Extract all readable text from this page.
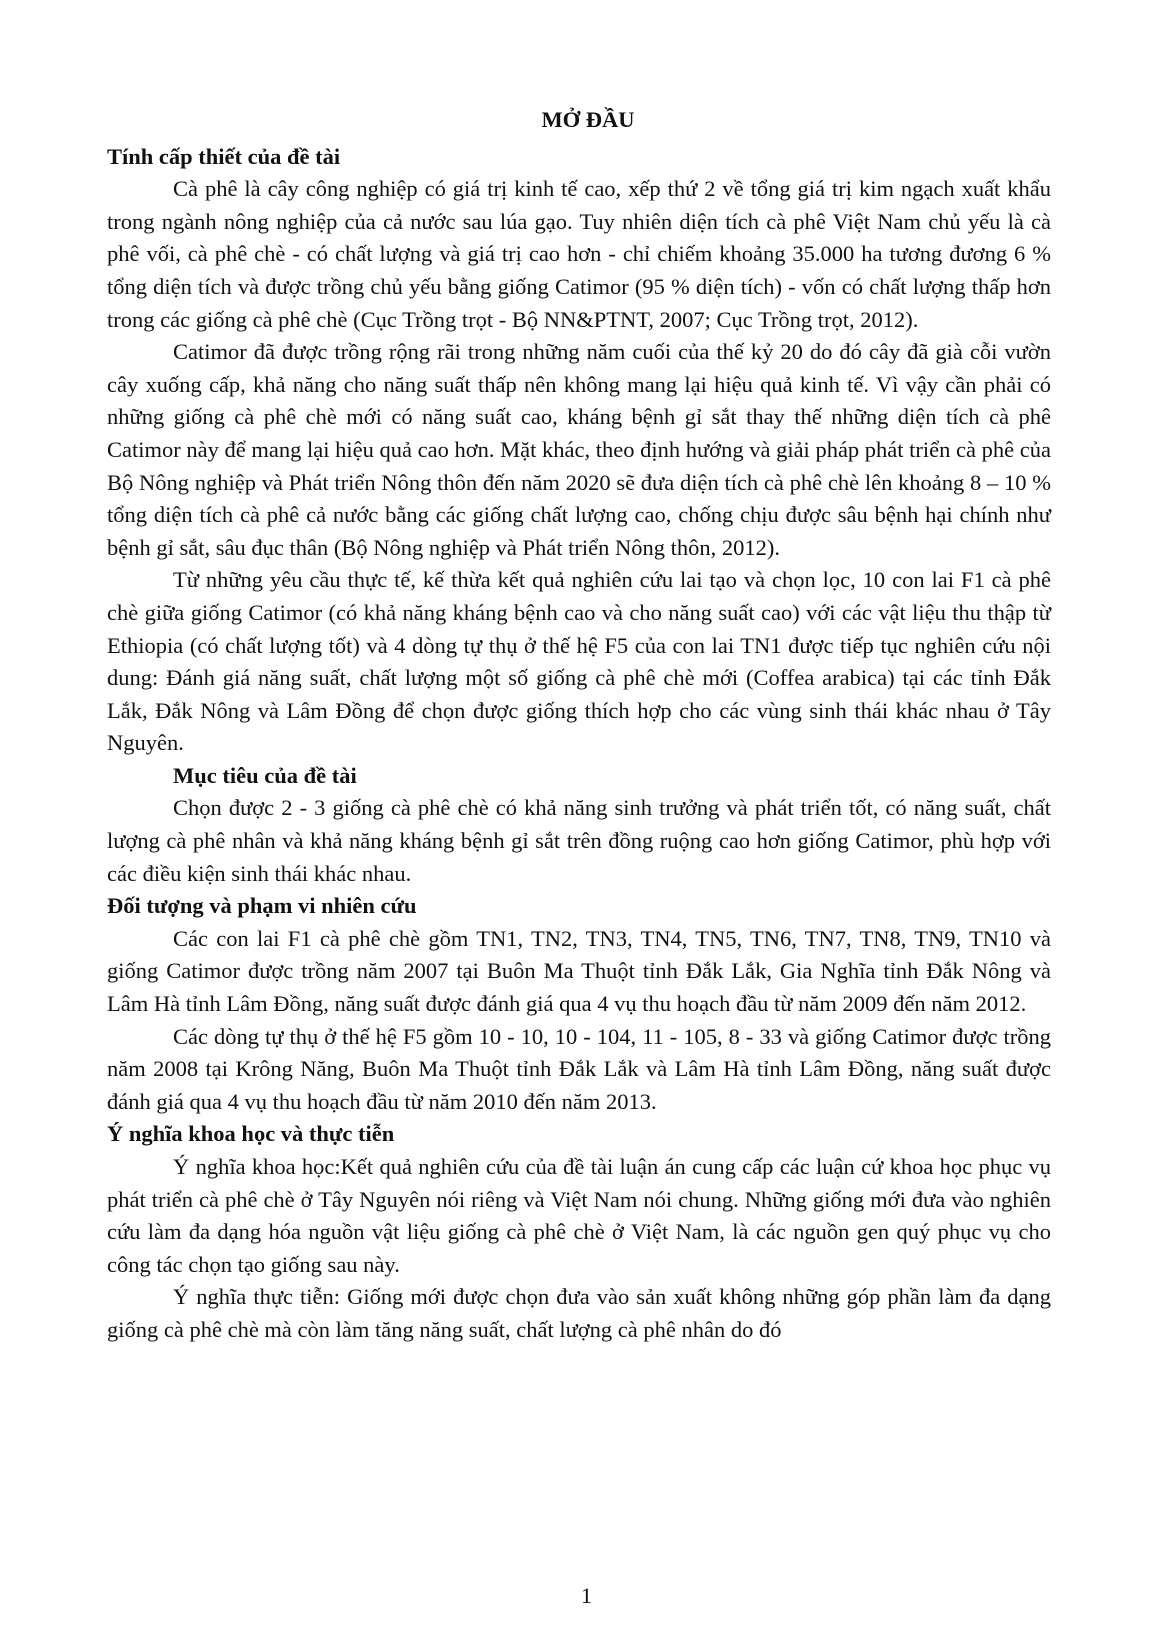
MỞ ĐẦU
Tính cấp thiết của đề tài

Cà phê là cây công nghiệp có giá trị kinh tế cao, xếp thứ 2 về tổng giá trị kim ngạch xuất khẩu trong ngành nông nghiệp của cả nước sau lúa gạo. Tuy nhiên diện tích cà phê Việt Nam chủ yếu là cà phê vối, cà phê chè - có chất lượng và giá trị cao hơn - chỉ chiếm khoảng 35.000 ha tương đương 6 % tổng diện tích và được trồng chủ yếu bằng giống Catimor (95 % diện tích) - vốn có chất lượng thấp hơn trong các giống cà phê chè (Cục Trồng trọt - Bộ NN&PTNT, 2007; Cục Trồng trọt, 2012).

Catimor đã được trồng rộng rãi trong những năm cuối của thế kỷ 20 do đó cây đã già cỗi vườn cây xuống cấp, khả năng cho năng suất thấp nên không mang lại hiệu quả kinh tế. Vì vậy cần phải có những giống cà phê chè mới có năng suất cao, kháng bệnh gỉ sắt thay thế những diện tích cà phê Catimor này để mang lại hiệu quả cao hơn. Mặt khác, theo định hướng và giải pháp phát triển cà phê của Bộ Nông nghiệp và Phát triển Nông thôn đến năm 2020 sẽ đưa diện tích cà phê chè lên khoảng 8 – 10 % tổng diện tích cà phê cả nước bằng các giống chất lượng cao, chống chịu được sâu bệnh hại chính như bệnh gỉ sắt, sâu đục thân (Bộ Nông nghiệp và Phát triển Nông thôn, 2012).

Từ những yêu cầu thực tế, kế thừa kết quả nghiên cứu lai tạo và chọn lọc, 10 con lai F1 cà phê chè giữa giống Catimor (có khả năng kháng bệnh cao và cho năng suất cao) với các vật liệu thu thập từ Ethiopia (có chất lượng tốt) và 4 dòng tự thụ ở thế hệ F5 của con lai TN1 được tiếp tục nghiên cứu nội dung: Đánh giá năng suất, chất lượng một số giống cà phê chè mới (Coffea arabica) tại các tỉnh Đắk Lắk, Đắk Nông và Lâm Đồng để chọn được giống thích hợp cho các vùng sinh thái khác nhau ở Tây Nguyên.

Mục tiêu của đề tài

Chọn được 2 - 3 giống cà phê chè có khả năng sinh trưởng và phát triển tốt, có năng suất, chất lượng cà phê nhân và khả năng kháng bệnh gỉ sắt trên đồng ruộng cao hơn giống Catimor, phù hợp với các điều kiện sinh thái khác nhau.

Đối tượng và phạm vi nhiên cứu

Các con lai F1 cà phê chè gồm TN1, TN2, TN3, TN4, TN5, TN6, TN7, TN8, TN9, TN10 và giống Catimor được trồng năm 2007 tại Buôn Ma Thuột tỉnh Đắk Lắk, Gia Nghĩa tỉnh Đắk Nông và Lâm Hà tỉnh Lâm Đồng, năng suất được đánh giá qua 4 vụ thu hoạch đầu từ năm 2009 đến năm 2012.

Các dòng tự thụ ở thế hệ F5 gồm 10 - 10, 10 - 104, 11 - 105, 8 - 33 và giống Catimor được trồng năm 2008 tại Krông Năng, Buôn Ma Thuột tỉnh Đắk Lắk và Lâm Hà tỉnh Lâm Đồng, năng suất được đánh giá qua 4 vụ thu hoạch đầu từ năm 2010 đến năm 2013.

Ý nghĩa khoa học và thực tiễn

Ý nghĩa khoa học:Kết quả nghiên cứu của đề tài luận án cung cấp các luận cứ khoa học phục vụ phát triển cà phê chè ở Tây Nguyên nói riêng và Việt Nam nói chung. Những giống mới đưa vào nghiên cứu làm đa dạng hóa nguồn vật liệu giống cà phê chè ở Việt Nam, là các nguồn gen quý phục vụ cho công tác chọn tạo giống sau này.

Ý nghĩa thực tiễn: Giống mới được chọn đưa vào sản xuất không những góp phần làm đa dạng giống cà phê chè mà còn làm tăng năng suất, chất lượng cà phê nhân do đó

1
